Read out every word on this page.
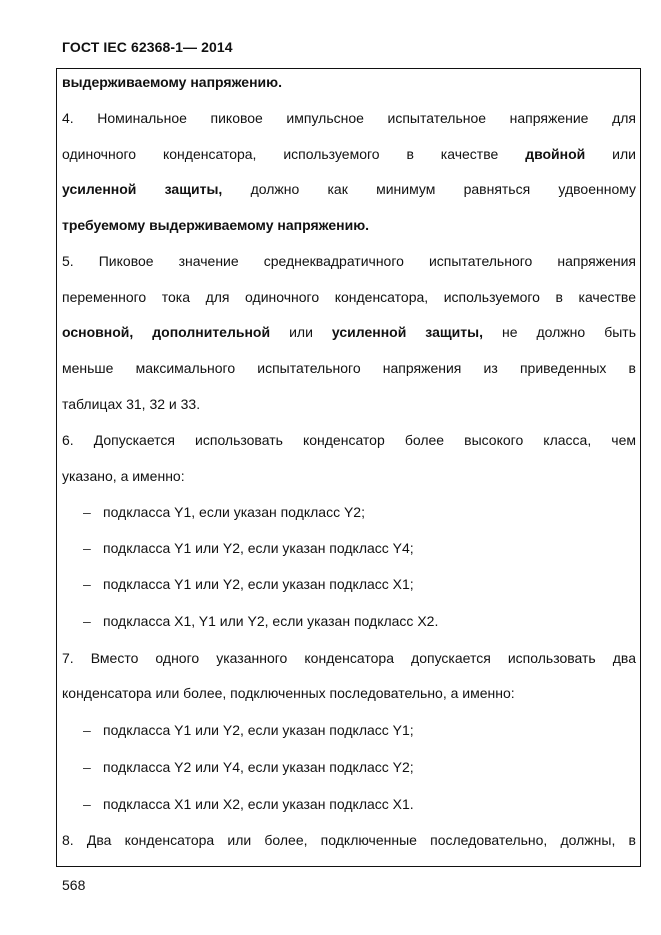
ГОСТ IEC 62368-1— 2014
выдерживаемому напряжению.
4. Номинальное пиковое импульсное испытательное напряжение для
одиночного конденсатора, используемого в качестве двойной или
усиленной защиты, должно как минимум равняться удвоенному
требуемому выдерживаемому напряжению.
5. Пиковое значение среднеквадратичного испытательного напряжения
переменного тока для одиночного конденсатора, используемого в качестве
основной, дополнительной или усиленной защиты, не должно быть
меньше максимального испытательного напряжения из приведенных в
таблицах 31, 32 и 33.
6. Допускается использовать конденсатор более высокого класса, чем
указано, а именно:
– подкласса Y1, если указан подкласс Y2;
– подкласса Y1 или Y2, если указан подкласс Y4;
– подкласса Y1 или Y2, если указан подкласс X1;
– подкласса X1, Y1 или Y2, если указан подкласс X2.
7. Вместо одного указанного конденсатора допускается использовать два
конденсатора или более, подключенных последовательно, а именно:
– подкласса Y1 или Y2, если указан подкласс Y1;
– подкласса Y2 или Y4, если указан подкласс Y2;
– подкласса X1 или X2, если указан подкласс X1.
8. Два конденсатора или более, подключенные последовательно, должны, в
568
